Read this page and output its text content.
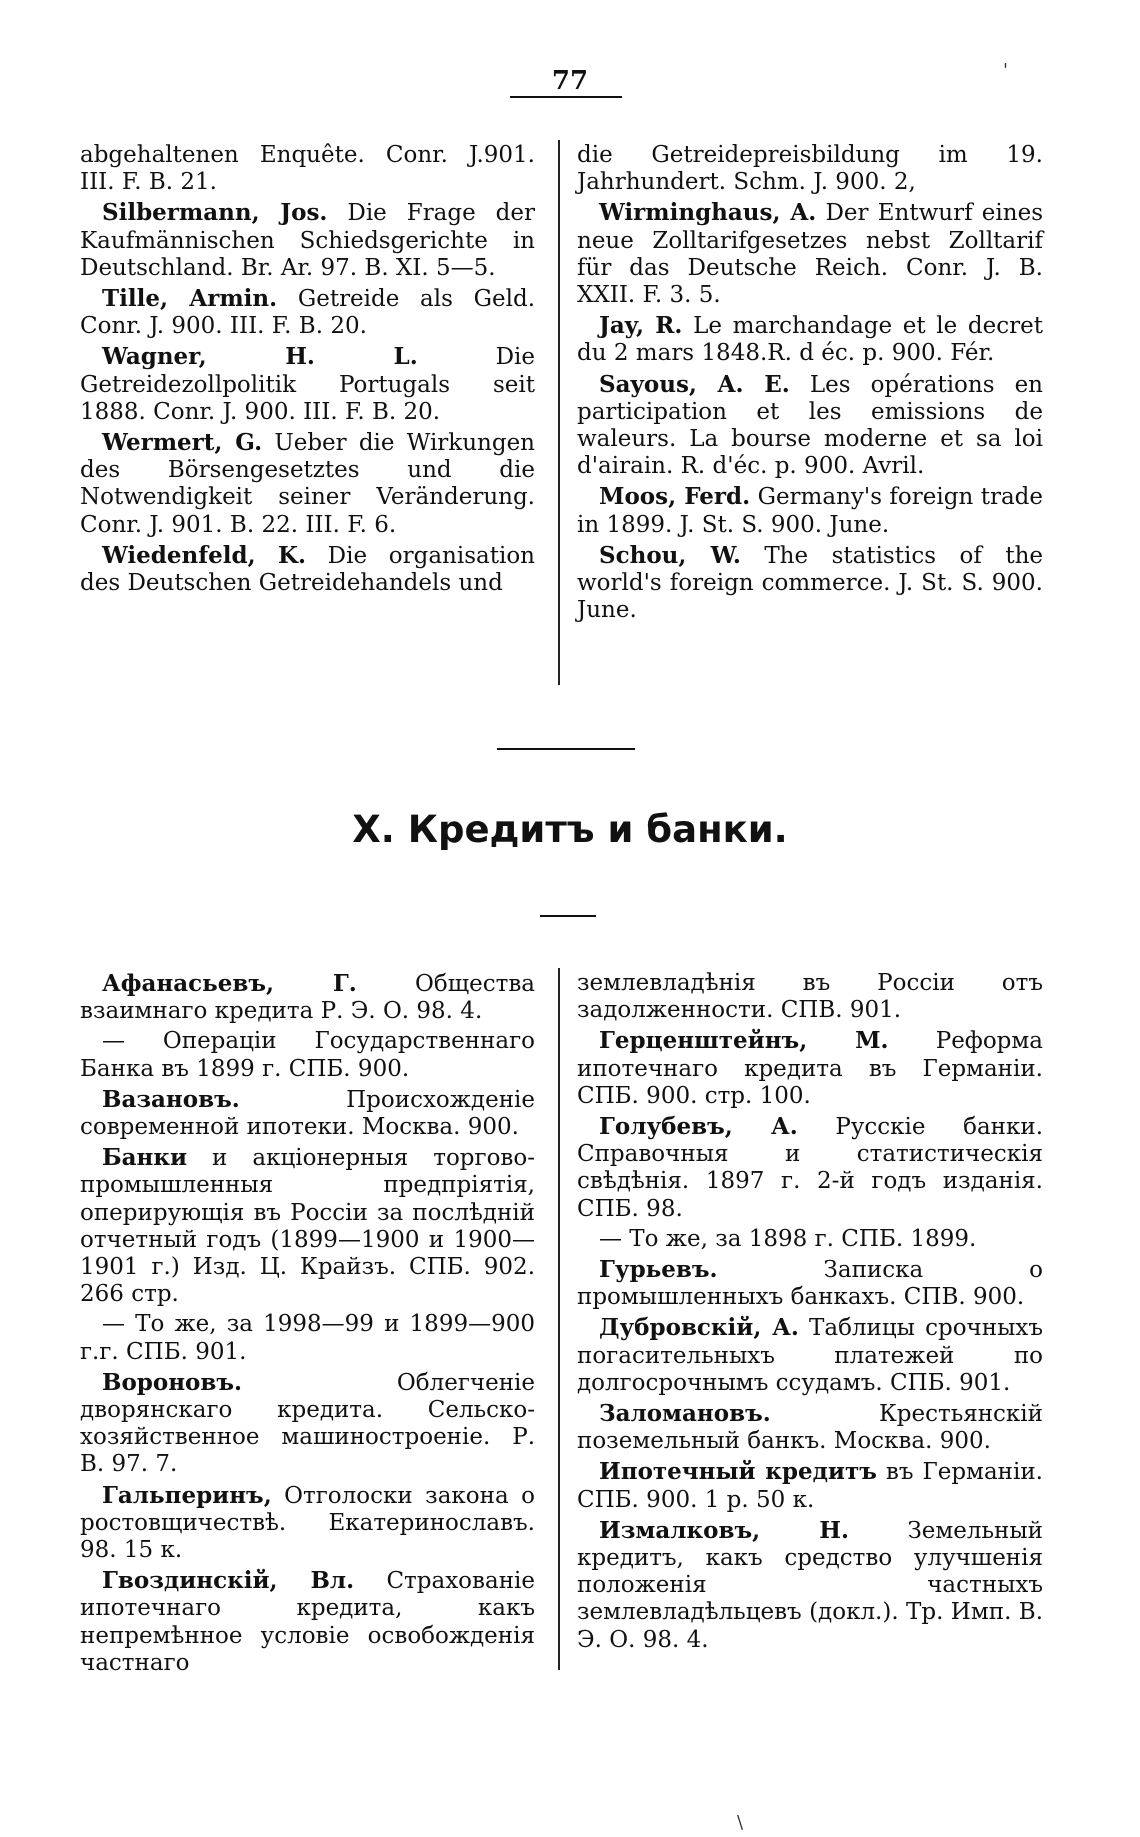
77	'

abgehaltenen Enquête. Conr. J.901. III. F. B. 21.

Silbermann, Jos. Die Frage der Kaufmännischen Schiedsgerichte in Deutschland. Br. Ar. 97. B. XI. 5—5.

Tille, Armin. Getreide als Geld. Conr. J. 900. III. F. B. 20.

Wagner, H. L. Die Getreidezollpolitik Portugals seit 1888. Conr. J. 900. III. F. B. 20.

Wermert, G. Ueber die Wirkungen des Börsengesetztes und die Notwendigkeit seiner Veränderung. Conr. J. 901. B. 22. III. F. 6.

Wiedenfeld, K. Die organisation des Deutschen Getreidehandels und

die Getreidepreisbildung im 19. Jahrhundert. Schm. J. 900. 2,

Wirminghaus, A. Der Entwurf eines neue Zolltarifgesetzes nebst Zolltarif für das Deutsche Reich. Conr. J. B. XXII. F. 3. 5.

Jay, R. Le marchandage et le decret du 2 mars 1848.R. d éc. p. 900. Fér.

Sayous, A. E. Les opérations en participation et les emissions de waleurs. La bourse moderne et sa loi d'airain. R. d'éc. p. 900. Avril.

Moos, Ferd. Germany's foreign trade in 1899. J. St. S. 900. June.

Schou, W. The statistics of the world's foreign commerce. J. St. S. 900. June.

X. Кредитъ и банки.

Афанасьевъ, Г. Общества взаимнаго кредита Р. Э. О. 98. 4.

— Операціи Государственнаго Банка въ 1899 г. СПБ. 900.

Вазановъ. Происхожденіе современной ипотеки. Москва. 900.

Банки и акціонерныя торгово-промышленныя предпріятія, оперирующія въ Россіи за послѣдній отчетный годъ (1899—1900 и 1900—1901 г.) Изд. Ц. Крайзъ. СПБ. 902. 266 стр.

— То же, за 1998—99 и 1899—900 г.г. СПБ. 901.

Вороновъ. Облегченіе дворянскаго кредита. Сельско-хозяйственное машиностроеніе. Р. В. 97. 7.

Гальперинъ, Отголоски закона о ростовщичествѣ. Екатеринославъ. 98. 15 к.

Гвоздинскій, Вл. Страхованіе ипотечнаго кредита, какъ непремѣнное условіе освобожденія частнаго

землевладѣнія въ Россіи отъ задолженности. СПВ. 901.

Герценштейнъ, М. Реформа ипотечнаго кредита въ Германіи. СПБ. 900. стр. 100.

Голубевъ, А. Русскіе банки. Справочныя и статистическія свѣдѣнія. 1897 г. 2-й годъ изданія. СПБ. 98.

— То же, за 1898 г. СПБ. 1899.

Гурьевъ. Записка о промышленныхъ банкахъ. СПВ. 900.

Дубровскій, А. Таблицы срочныхъ погасительныхъ платежей по долгосрочнымъ ссудамъ. СПБ. 901.

Заломановъ. Крестьянскій поземельный банкъ. Москва. 900.

Ипотечный кредитъ въ Германіи. СПБ. 900. 1 р. 50 к.

Измалковъ, Н. Земельный кредитъ, какъ средство улучшенія положенія частныхъ землевладѣльцевъ (докл.). Тр. Имп. В. Э. О. 98. 4.

\
